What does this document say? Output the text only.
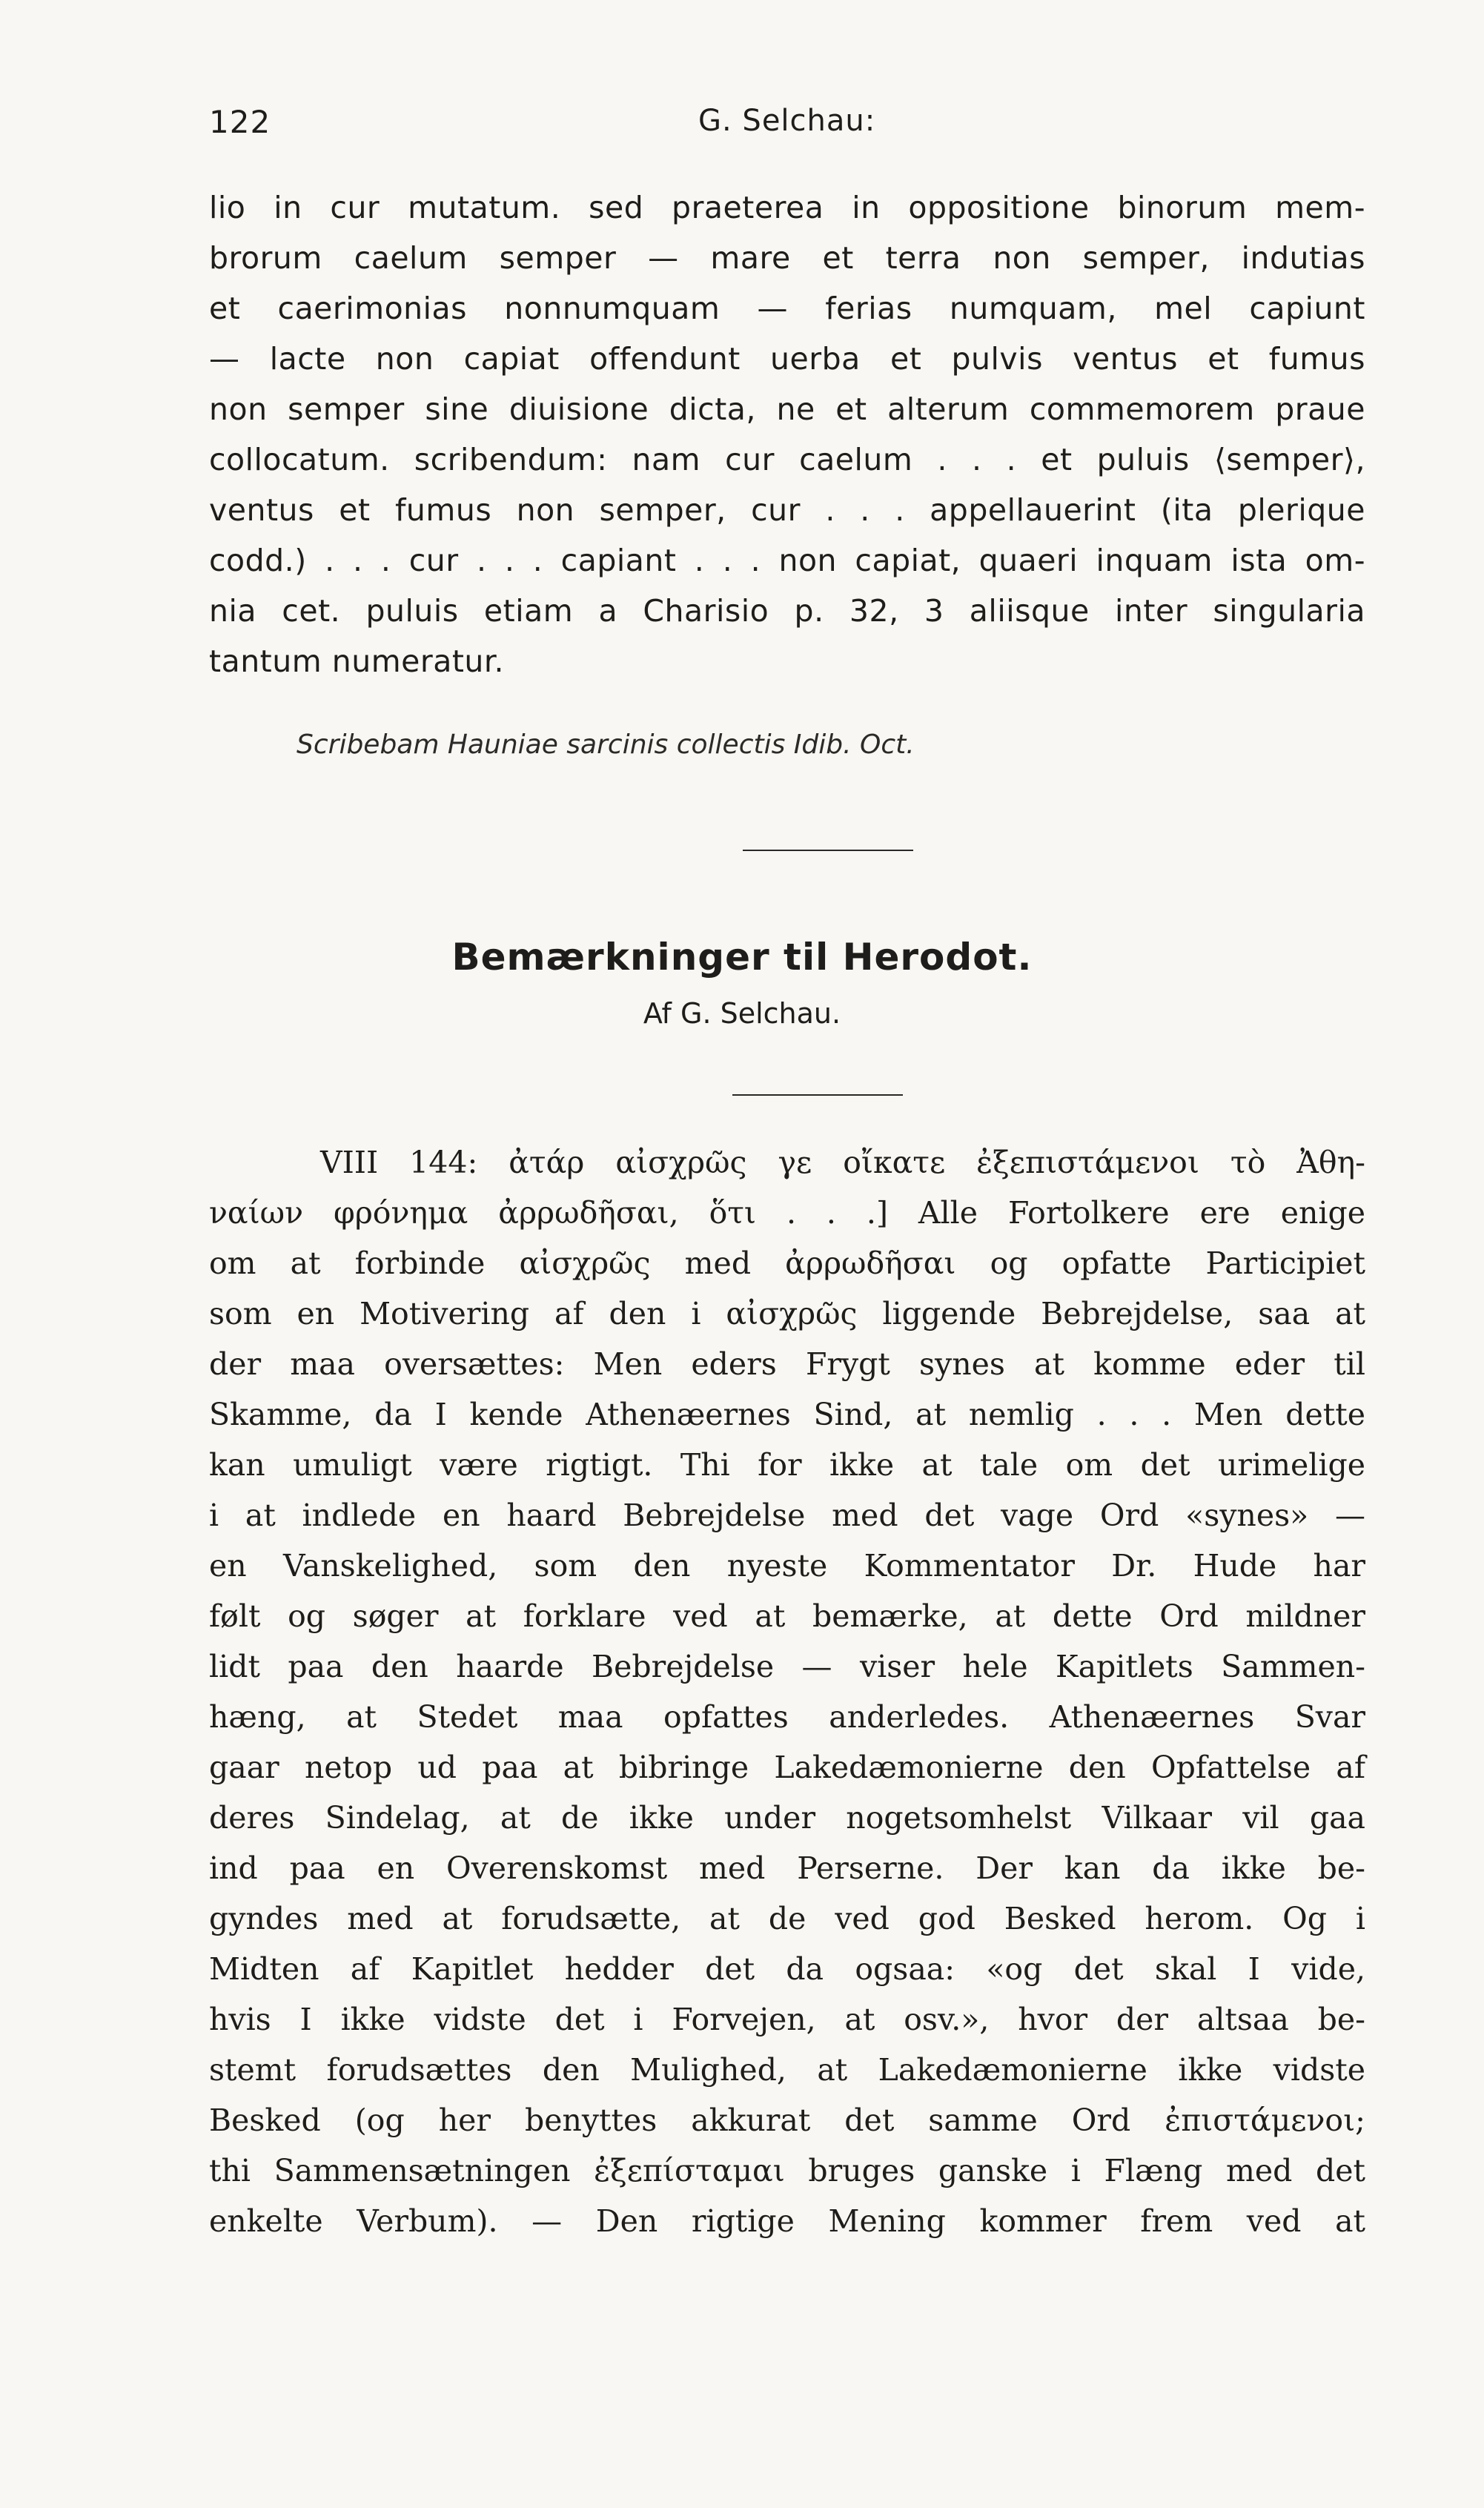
122	G. Selchau:
lio in cur mutatum. sed praeterea in oppositione binorum mem-
brorum caelum semper — mare et terra non semper, indutias
et caerimonias nonnumquam — ferias numquam, mel capiunt
— lacte non capiat offendunt uerba et pulvis ventus et fumus
non semper sine diuisione dicta, ne et alterum commemorem praue
collocatum. scribendum: nam cur caelum . . . et puluis ⟨semper⟩,
ventus et fumus non semper, cur . . . appellauerint (ita plerique
codd.) . . . cur . . . capiant . . . non capiat, quaeri inquam ista om-
nia cet. puluis etiam a Charisio p. 32, 3 aliisque inter singularia
tantum numeratur.
Scribebam Hauniae sarcinis collectis Idib. Oct.
Bemærkninger til Herodot.
Af G. Selchau.
VIII 144: ἀτάρ αἰσχρῶς γε οἴκατε ἐξεπιστάμενοι τὸ Ἀθη-
ναίων φρόνημα ἀρρωδῆσαι, ὅτι . . .] Alle Fortolkere ere enige
om at forbinde αἰσχρῶς med ἀρρωδῆσαι og opfatte Participiet
som en Motivering af den i αἰσχρῶς liggende Bebrejdelse, saa at
der maa oversættes: Men eders Frygt synes at komme eder til
Skamme, da I kende Athenæernes Sind, at nemlig . . . Men dette
kan umuligt være rigtigt. Thi for ikke at tale om det urimelige
i at indlede en haard Bebrejdelse med det vage Ord «synes» —
en Vanskelighed, som den nyeste Kommentator Dr. Hude har
følt og søger at forklare ved at bemærke, at dette Ord mildner
lidt paa den haarde Bebrejdelse — viser hele Kapitlets Sammen-
hæng, at Stedet maa opfattes anderledes. Athenæernes Svar
gaar netop ud paa at bibringe Lakedæmonierne den Opfattelse af
deres Sindelag, at de ikke under nogetsomhelst Vilkaar vil gaa
ind paa en Overenskomst med Perserne. Der kan da ikke be-
gyndes med at forudsætte, at de ved god Besked herom. Og i
Midten af Kapitlet hedder det da ogsaa: «og det skal I vide,
hvis I ikke vidste det i Forvejen, at osv.», hvor der altsaa be-
stemt forudsættes den Mulighed, at Lakedæmonierne ikke vidste
Besked (og her benyttes akkurat det samme Ord ἐπιστάμενοι;
thi Sammensætningen ἐξεπίσταμαι bruges ganske i Flæng med det
enkelte Verbum). — Den rigtige Mening kommer frem ved at
